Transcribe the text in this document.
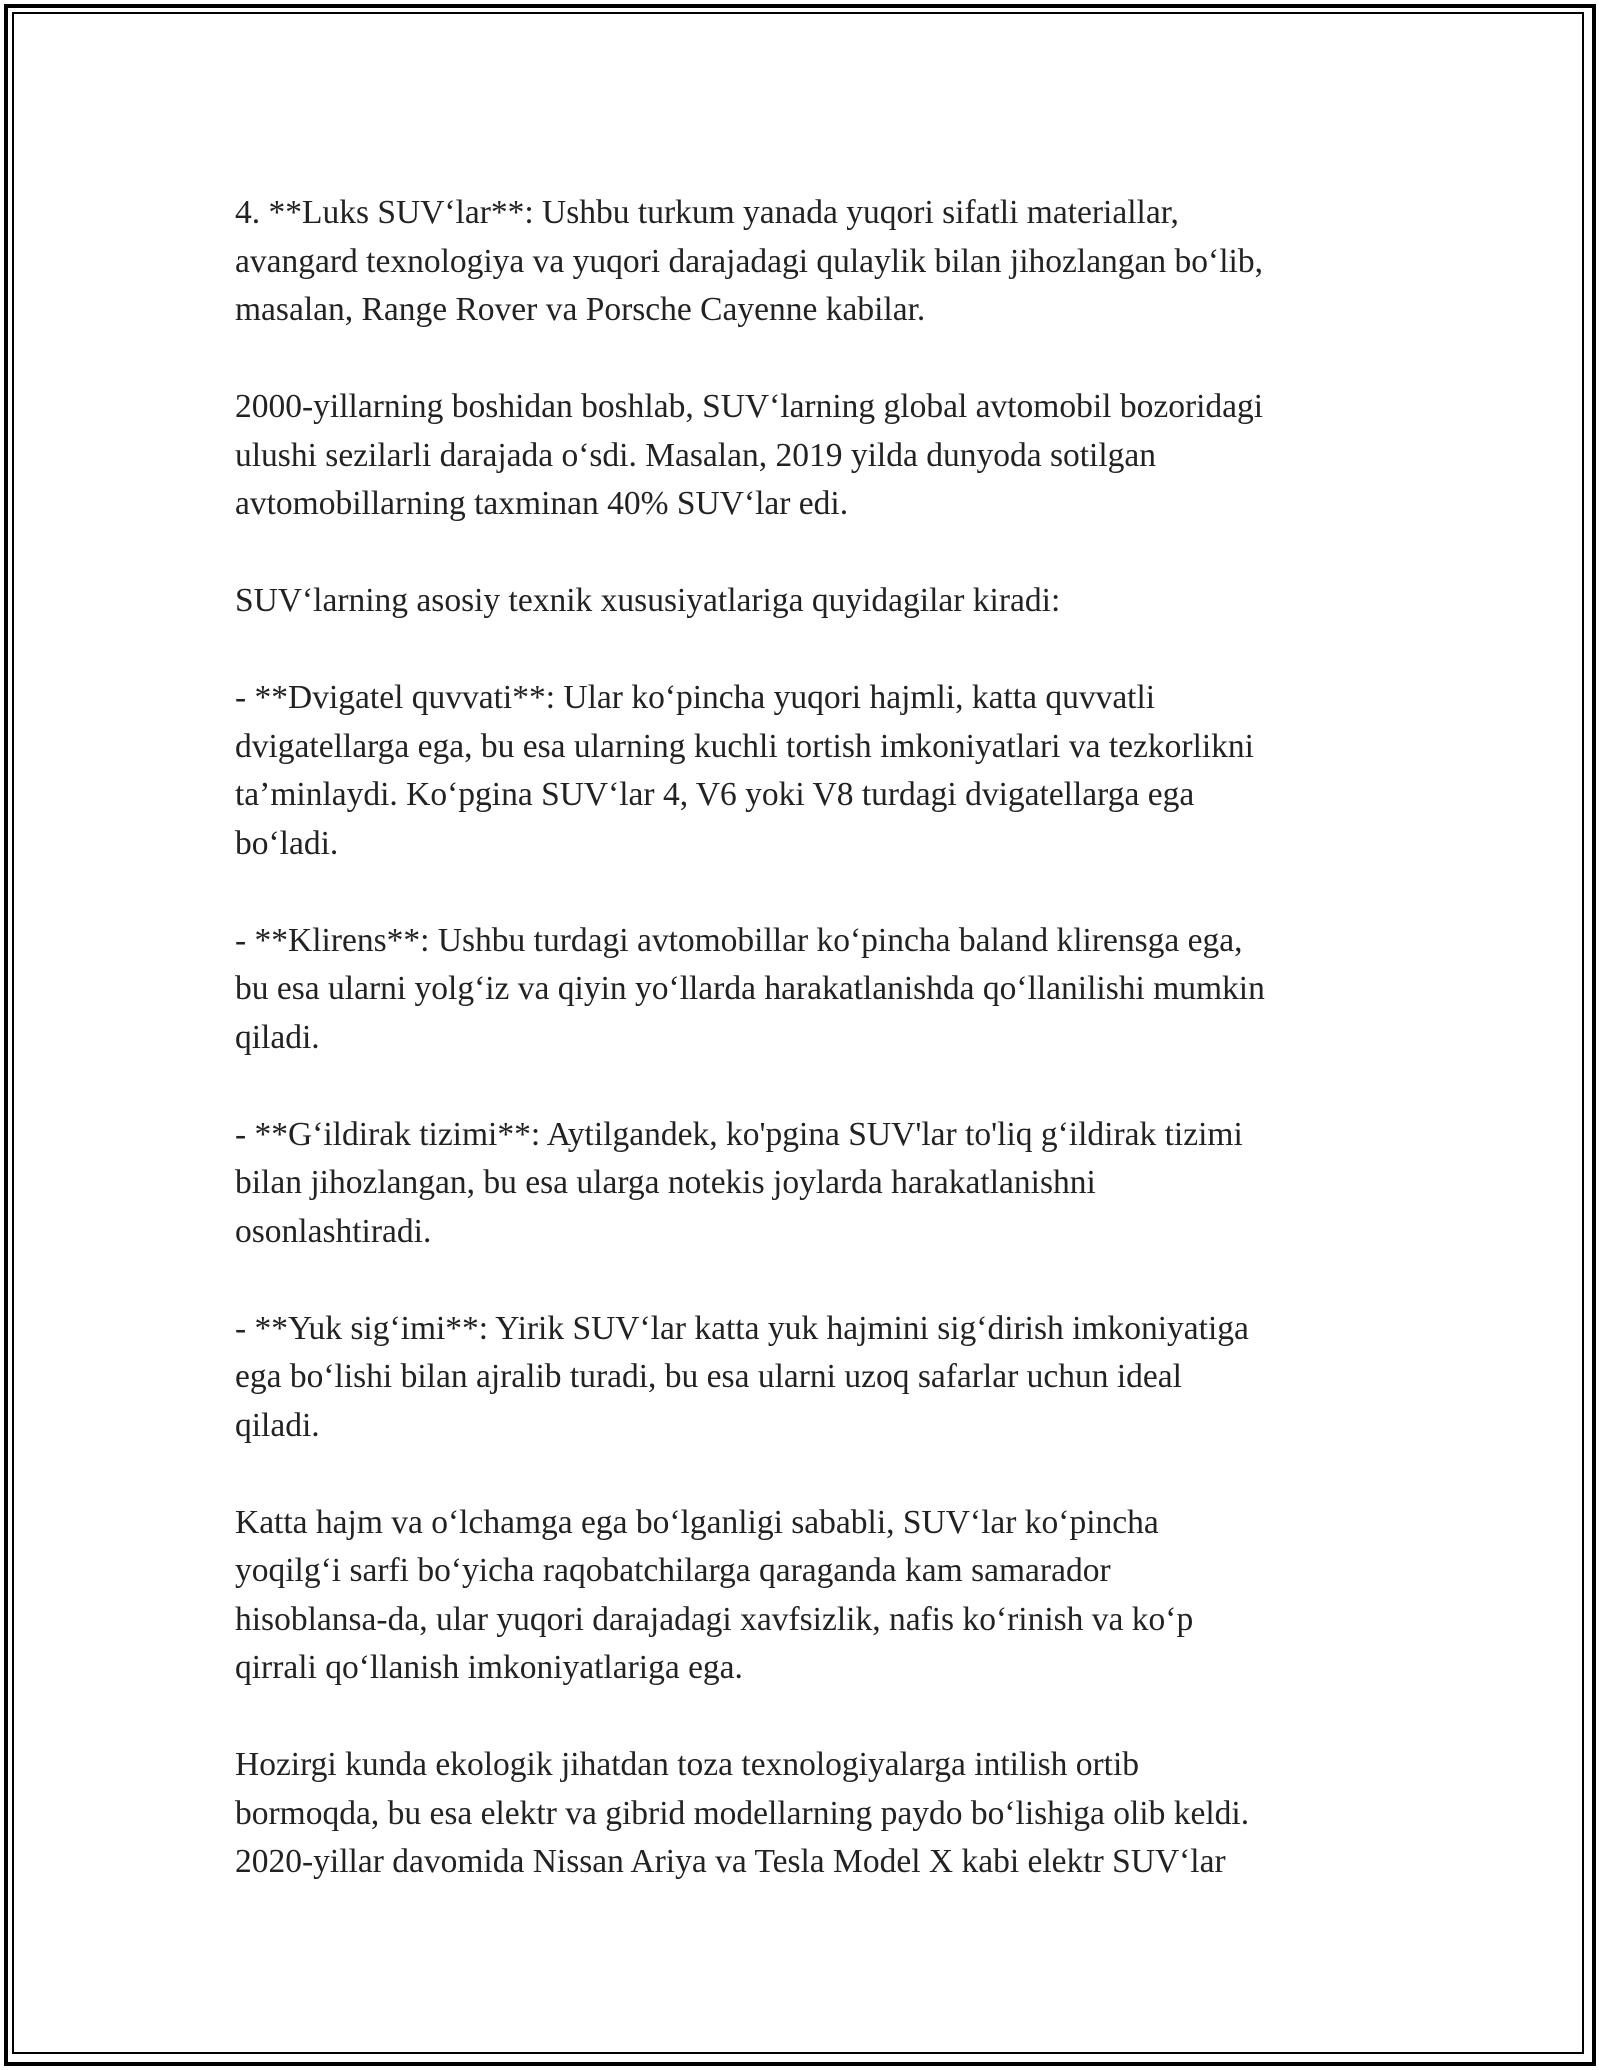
4. **Luks SUV‘lar**: Ushbu turkum yanada yuqori sifatli materiallar,
avangard texnologiya va yuqori darajadagi qulaylik bilan jihozlangan bo‘lib,
masalan, Range Rover va Porsche Cayenne kabilar.

2000-yillarning boshidan boshlab, SUV‘larning global avtomobil bozoridagi
ulushi sezilarli darajada o‘sdi. Masalan, 2019 yilda dunyoda sotilgan
avtomobillarning taxminan 40% SUV‘lar edi.

SUV‘larning asosiy texnik xususiyatlariga quyidagilar kiradi:

- **Dvigatel quvvati**: Ular ko‘pincha yuqori hajmli, katta quvvatli
dvigatellarga ega, bu esa ularning kuchli tortish imkoniyatlari va tezkorlikni
ta’minlaydi. Ko‘pgina SUV‘lar 4, V6 yoki V8 turdagi dvigatellarga ega
bo‘ladi.

- **Klirens**: Ushbu turdagi avtomobillar ko‘pincha baland klirensga ega,
bu esa ularni yolg‘iz va qiyin yo‘llarda harakatlanishda qo‘llanilishi mumkin
qiladi.

- **G‘ildirak tizimi**: Aytilgandek, ko'pgina SUV'lar to'liq g‘ildirak tizimi
bilan jihozlangan, bu esa ularga notekis joylarda harakatlanishni
osonlashtiradi.

- **Yuk sig‘imi**: Yirik SUV‘lar katta yuk hajmini sig‘dirish imkoniyatiga
ega bo‘lishi bilan ajralib turadi, bu esa ularni uzoq safarlar uchun ideal
qiladi.

Katta hajm va o‘lchamga ega bo‘lganligi sababli, SUV‘lar ko‘pincha
yoqilg‘i sarfi bo‘yicha raqobatchilarga qaraganda kam samarador
hisoblansa-da, ular yuqori darajadagi xavfsizlik, nafis ko‘rinish va ko‘p
qirrali qo‘llanish imkoniyatlariga ega.

Hozirgi kunda ekologik jihatdan toza texnologiyalarga intilish ortib
bormoqda, bu esa elektr va gibrid modellarning paydo bo‘lishiga olib keldi.
2020-yillar davomida Nissan Ariya va Tesla Model X kabi elektr SUV‘lar
